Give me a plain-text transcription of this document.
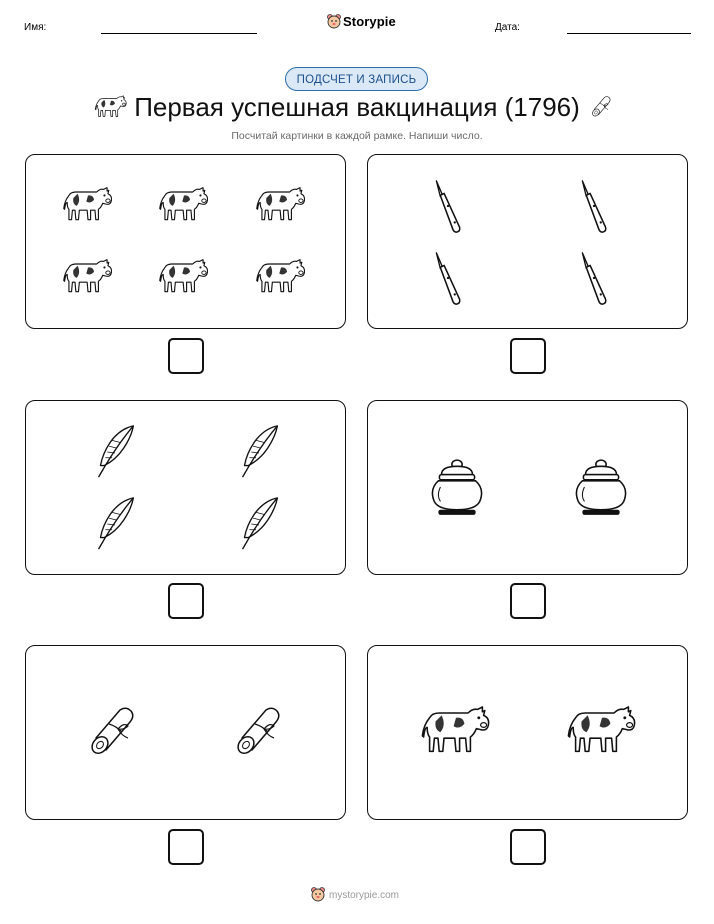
Имя:	Storypie	Дата:
ПОДСЧЕТ И ЗАПИСЬ
Первая успешная вакцинация (1796)
Посчитай картинки в каждой рамке. Напиши число.
mystorypie.com
